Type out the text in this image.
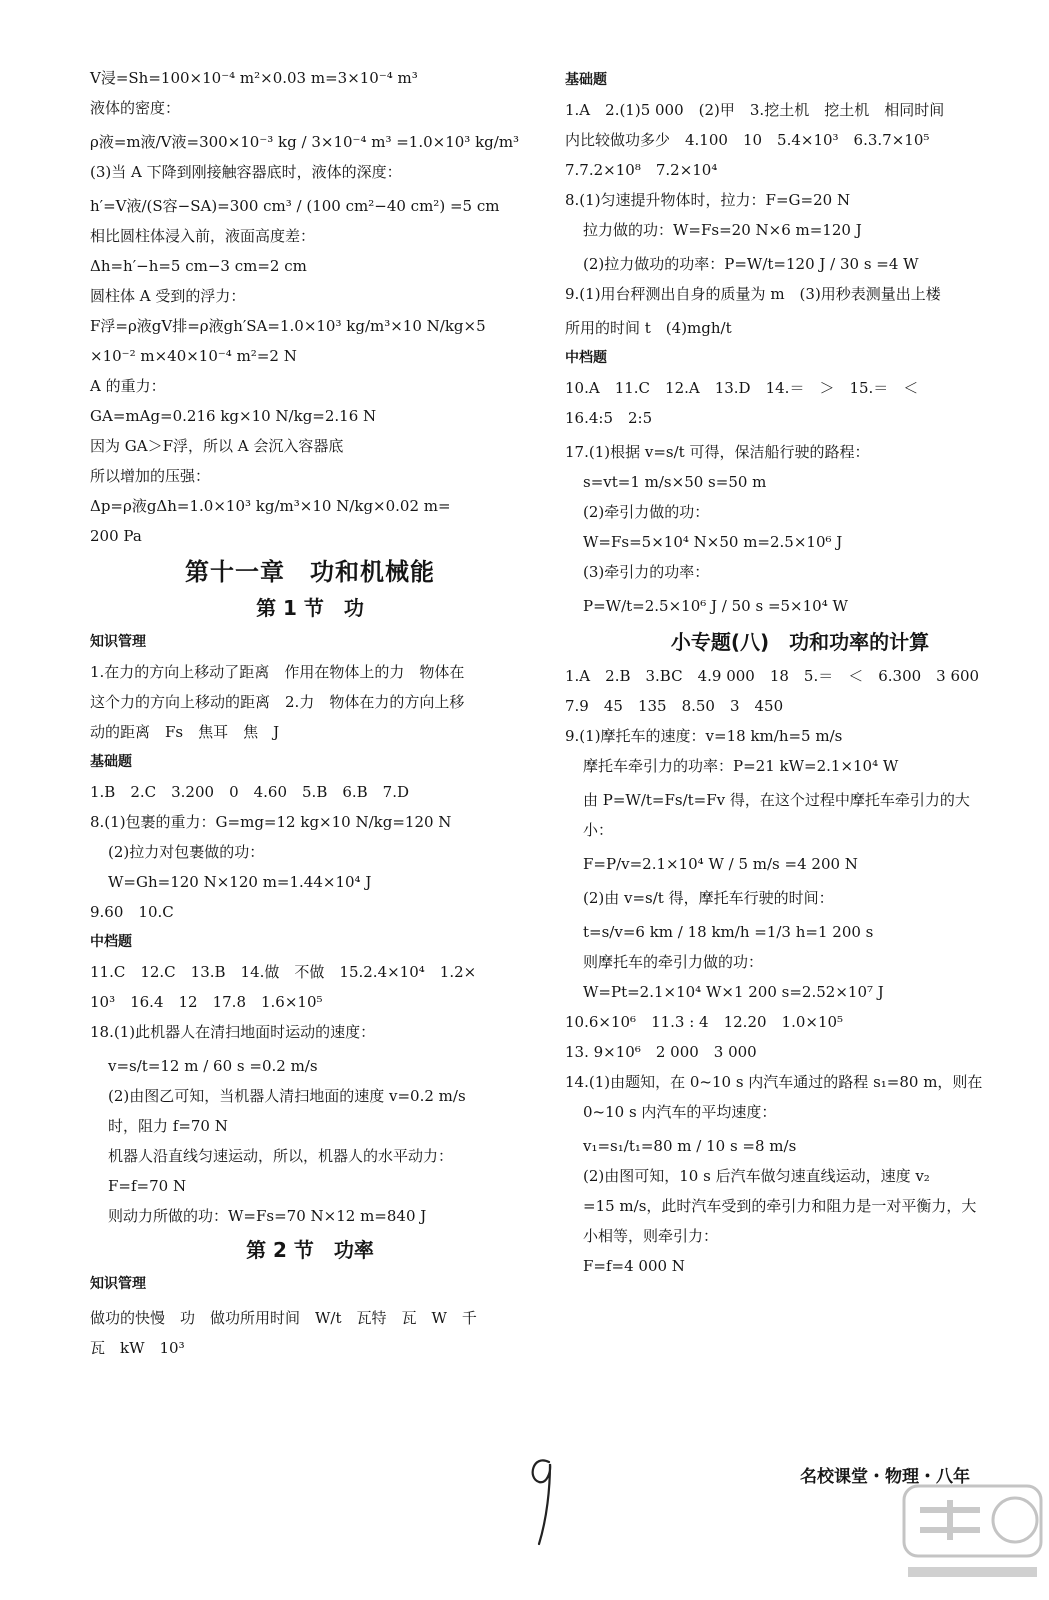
V浸=Sh=100×10⁻⁴ m²×0.03 m=3×10⁻⁴ m³
液体的密度：
ρ液=m液/V液=300×10⁻³ kg / 3×10⁻⁴ m³ =1.0×10³ kg/m³
(3)当 A 下降到刚接触容器底时，液体的深度：
h′=V液/(S容−SA)=300 cm³ / (100 cm²−40 cm²) =5 cm
相比圆柱体浸入前，液面高度差：
Δh=h′−h=5 cm−3 cm=2 cm
圆柱体 A 受到的浮力：
F浮=ρ液gV排=ρ液gh′SA=1.0×10³ kg/m³×10 N/kg×5
×10⁻² m×40×10⁻⁴ m²=2 N
A 的重力：
GA=mAg=0.216 kg×10 N/kg=2.16 N
因为 GA＞F浮，所以 A 会沉入容器底
所以增加的压强：
Δp=ρ液gΔh=1.0×10³ kg/m³×10 N/kg×0.02 m=
200 Pa
第十一章　功和机械能
第 1 节　功
知识管理
1.在力的方向上移动了距离　作用在物体上的力　物体在
这个力的方向上移动的距离　2.力　物体在力的方向上移
动的距离　Fs　焦耳　焦　J
基础题
1.B　2.C　3.200　0　4.60　5.B　6.B　7.D
8.(1)包裹的重力：G=mg=12 kg×10 N/kg=120 N
(2)拉力对包裹做的功：
W=Gh=120 N×120 m=1.44×10⁴ J
9.60　10.C
中档题
11.C　12.C　13.B　14.做　不做　15.2.4×10⁴　1.2×
10³　16.4　12　17.8　1.6×10⁵
18.(1)此机器人在清扫地面时运动的速度：
v=s/t=12 m / 60 s =0.2 m/s
(2)由图乙可知，当机器人清扫地面的速度 v=0.2 m/s
时，阻力 f=70 N
机器人沿直线匀速运动，所以，机器人的水平动力：
F=f=70 N
则动力所做的功：W=Fs=70 N×12 m=840 J
第 2 节　功率
知识管理
做功的快慢　功　做功所用时间　W/t　瓦特　瓦　W　千
瓦　kW　10³
基础题
1.A　2.(1)5 000　(2)甲　3.挖土机　挖土机　相同时间
内比较做功多少　4.100　10　5.4×10³　6.3.7×10⁵
7.7.2×10⁸　7.2×10⁴
8.(1)匀速提升物体时，拉力：F=G=20 N
拉力做的功：W=Fs=20 N×6 m=120 J
(2)拉力做功的功率：P=W/t=120 J / 30 s =4 W
9.(1)用台秤测出自身的质量为 m　(3)用秒表测量出上楼
所用的时间 t　(4)mgh/t
中档题
10.A　11.C　12.A　13.D　14.＝　＞　15.＝　＜
16.4:5　2:5
17.(1)根据 v=s/t 可得，保洁船行驶的路程：
s=vt=1 m/s×50 s=50 m
(2)牵引力做的功：
W=Fs=5×10⁴ N×50 m=2.5×10⁶ J
(3)牵引力的功率：
P=W/t=2.5×10⁶ J / 50 s =5×10⁴ W
小专题(八)　功和功率的计算
1.A　2.B　3.BC　4.9 000　18　5.＝　＜　6.300　3 600
7.9　45　135　8.50　3　450
9.(1)摩托车的速度：v=18 km/h=5 m/s
摩托车牵引力的功率：P=21 kW=2.1×10⁴ W
由 P=W/t=Fs/t=Fv 得，在这个过程中摩托车牵引力的大
小：
F=P/v=2.1×10⁴ W / 5 m/s =4 200 N
(2)由 v=s/t 得，摩托车行驶的时间：
t=s/v=6 km / 18 km/h =1/3 h=1 200 s
则摩托车的牵引力做的功：
W=Pt=2.1×10⁴ W×1 200 s=2.52×10⁷ J
10.6×10⁶　11.3 : 4　12.20　1.0×10⁵
13. 9×10⁶　2 000　3 000
14.(1)由题知，在 0~10 s 内汽车通过的路程 s₁=80 m，则在
0~10 s 内汽车的平均速度：
v₁=s₁/t₁=80 m / 10 s =8 m/s
(2)由图可知，10 s 后汽车做匀速直线运动，速度 v₂
=15 m/s，此时汽车受到的牵引力和阻力是一对平衡力，大
小相等，则牵引力：
F=f=4 000 N
名校课堂・物理・八年
